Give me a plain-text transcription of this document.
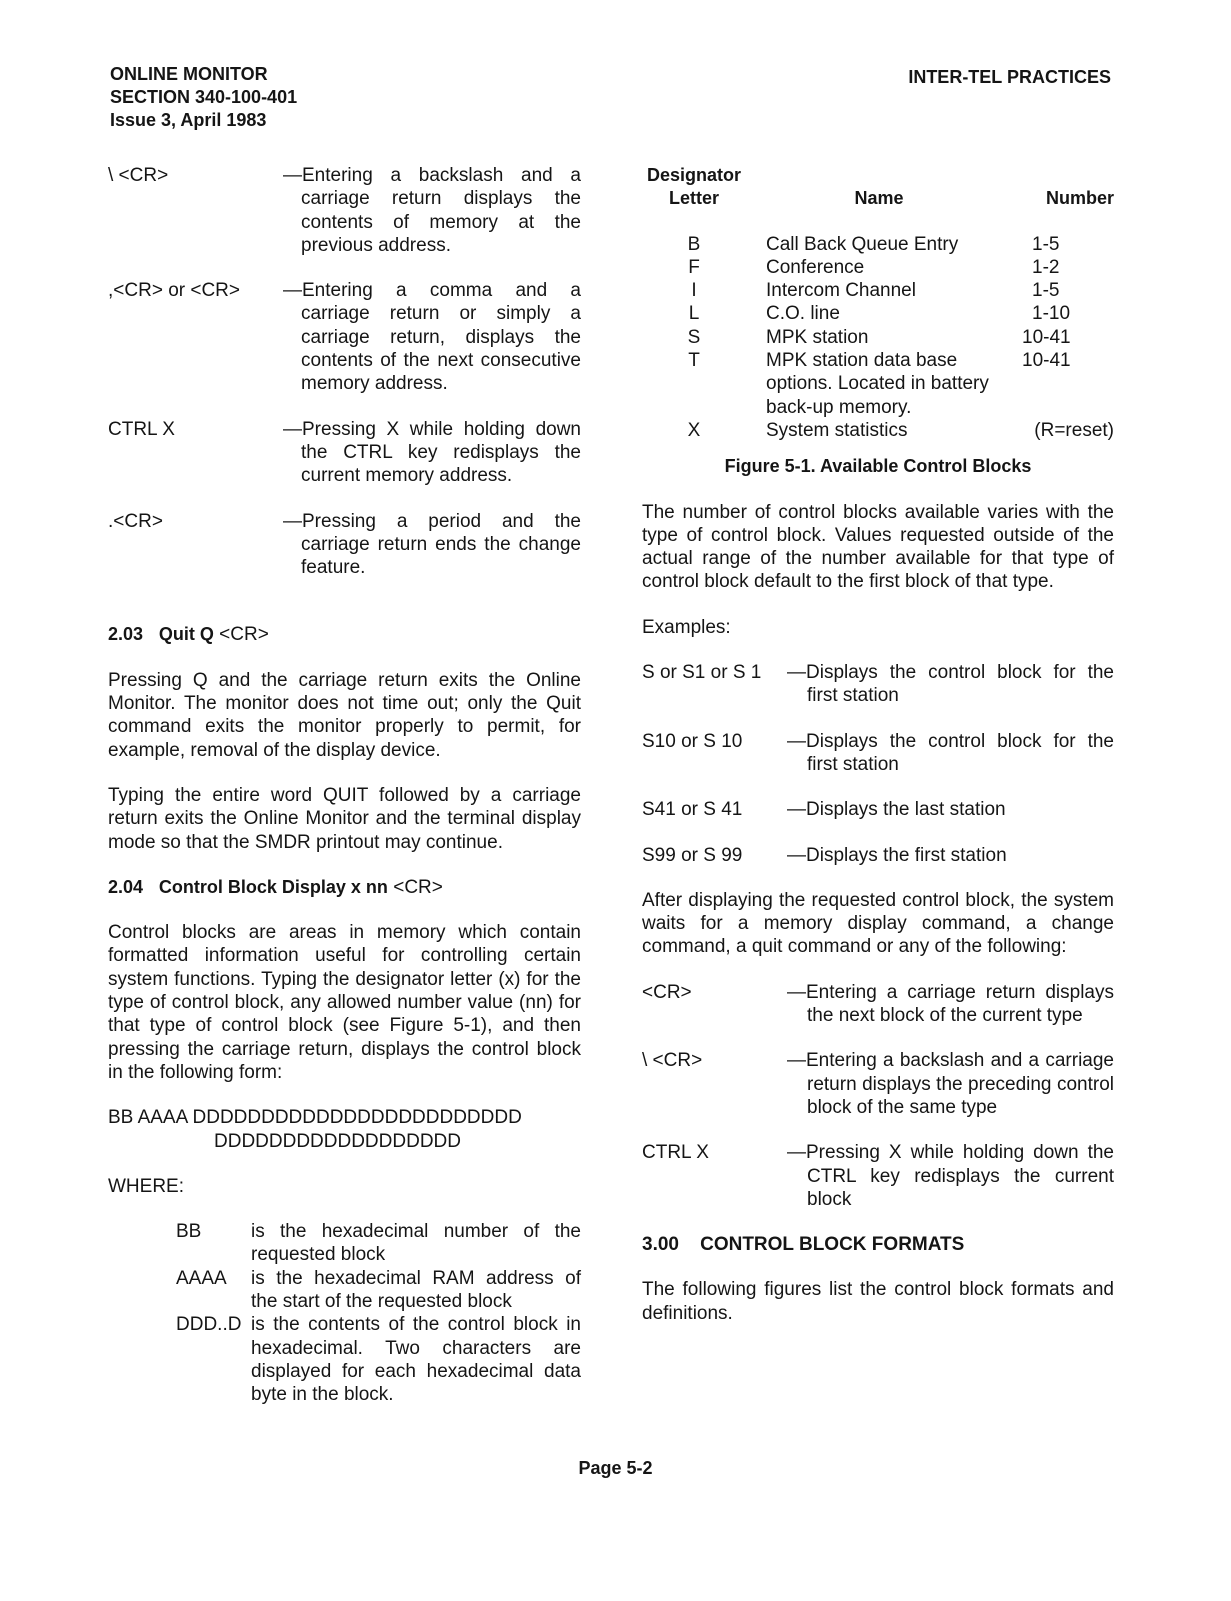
ONLINE MONITOR
SECTION 340-100-401
Issue 3, April 1983
INTER-TEL PRACTICES
\ <CR>	—Entering a backslash and a carriage return displays the contents of memory at the previous address.
,<CR> or <CR>	—Entering a comma and a carriage return or simply a carriage return, displays the contents of the next consecutive memory address.
CTRL X	—Pressing X while holding down the CTRL key redisplays the current memory address.
.<CR>	—Pressing a period and the carriage return ends the change feature.
2.03 Quit Q <CR>

Pressing Q and the carriage return exits the Online Monitor. The monitor does not time out; only the Quit command exits the monitor properly to permit, for example, removal of the display device.

Typing the entire word QUIT followed by a carriage return exits the Online Monitor and the terminal display mode so that the SMDR printout may continue.

2.04 Control Block Display x nn <CR>

Control blocks are areas in memory which contain formatted information useful for controlling certain system functions. Typing the designator letter (x) for the type of control block, any allowed number value (nn) for that type of control block (see Figure 5-1), and then pressing the carriage return, displays the control block in the following form:

BB AAAA DDDDDDDDDDDDDDDDDDDDDDDD
DDDDDDDDDDDDDDDDDD
WHERE:
BB	is the hexadecimal number of the requested block
AAAA	is the hexadecimal RAM address of the start of the requested block
DDD..D is the contents of the control block in hexadecimal. Two characters are displayed for each hexadecimal data byte in the block.
Designator Letter	Name	Number
B	Call Back Queue Entry	1-5
F	Conference	1-2
I	Intercom Channel	1-5
L	C.O. line	1-10
S	MPK station	10-41
T	MPK station data base options. Located in battery back-up memory.	10-41
X	System statistics	(R=reset)
Figure 5-1. Available Control Blocks

The number of control blocks available varies with the type of control block. Values requested outside of the actual range of the number available for that type of control block default to the first block of that type.

Examples:
S or S1 or S 1	—Displays the control block for the first station
S10 or S 10	—Displays the control block for the first station
S41 or S 41	—Displays the last station
S99 or S 99	—Displays the first station

After displaying the requested control block, the system waits for a memory display command, a change command, a quit command or any of the following:

<CR>	—Entering a carriage return displays the next block of the current type
\ <CR>	—Entering a backslash and a carriage return displays the preceding control block of the same type
CTRL X	—Pressing X while holding down the CTRL key redisplays the current block
3.00 CONTROL BLOCK FORMATS

The following figures list the control block formats and definitions.

Page 5-2
